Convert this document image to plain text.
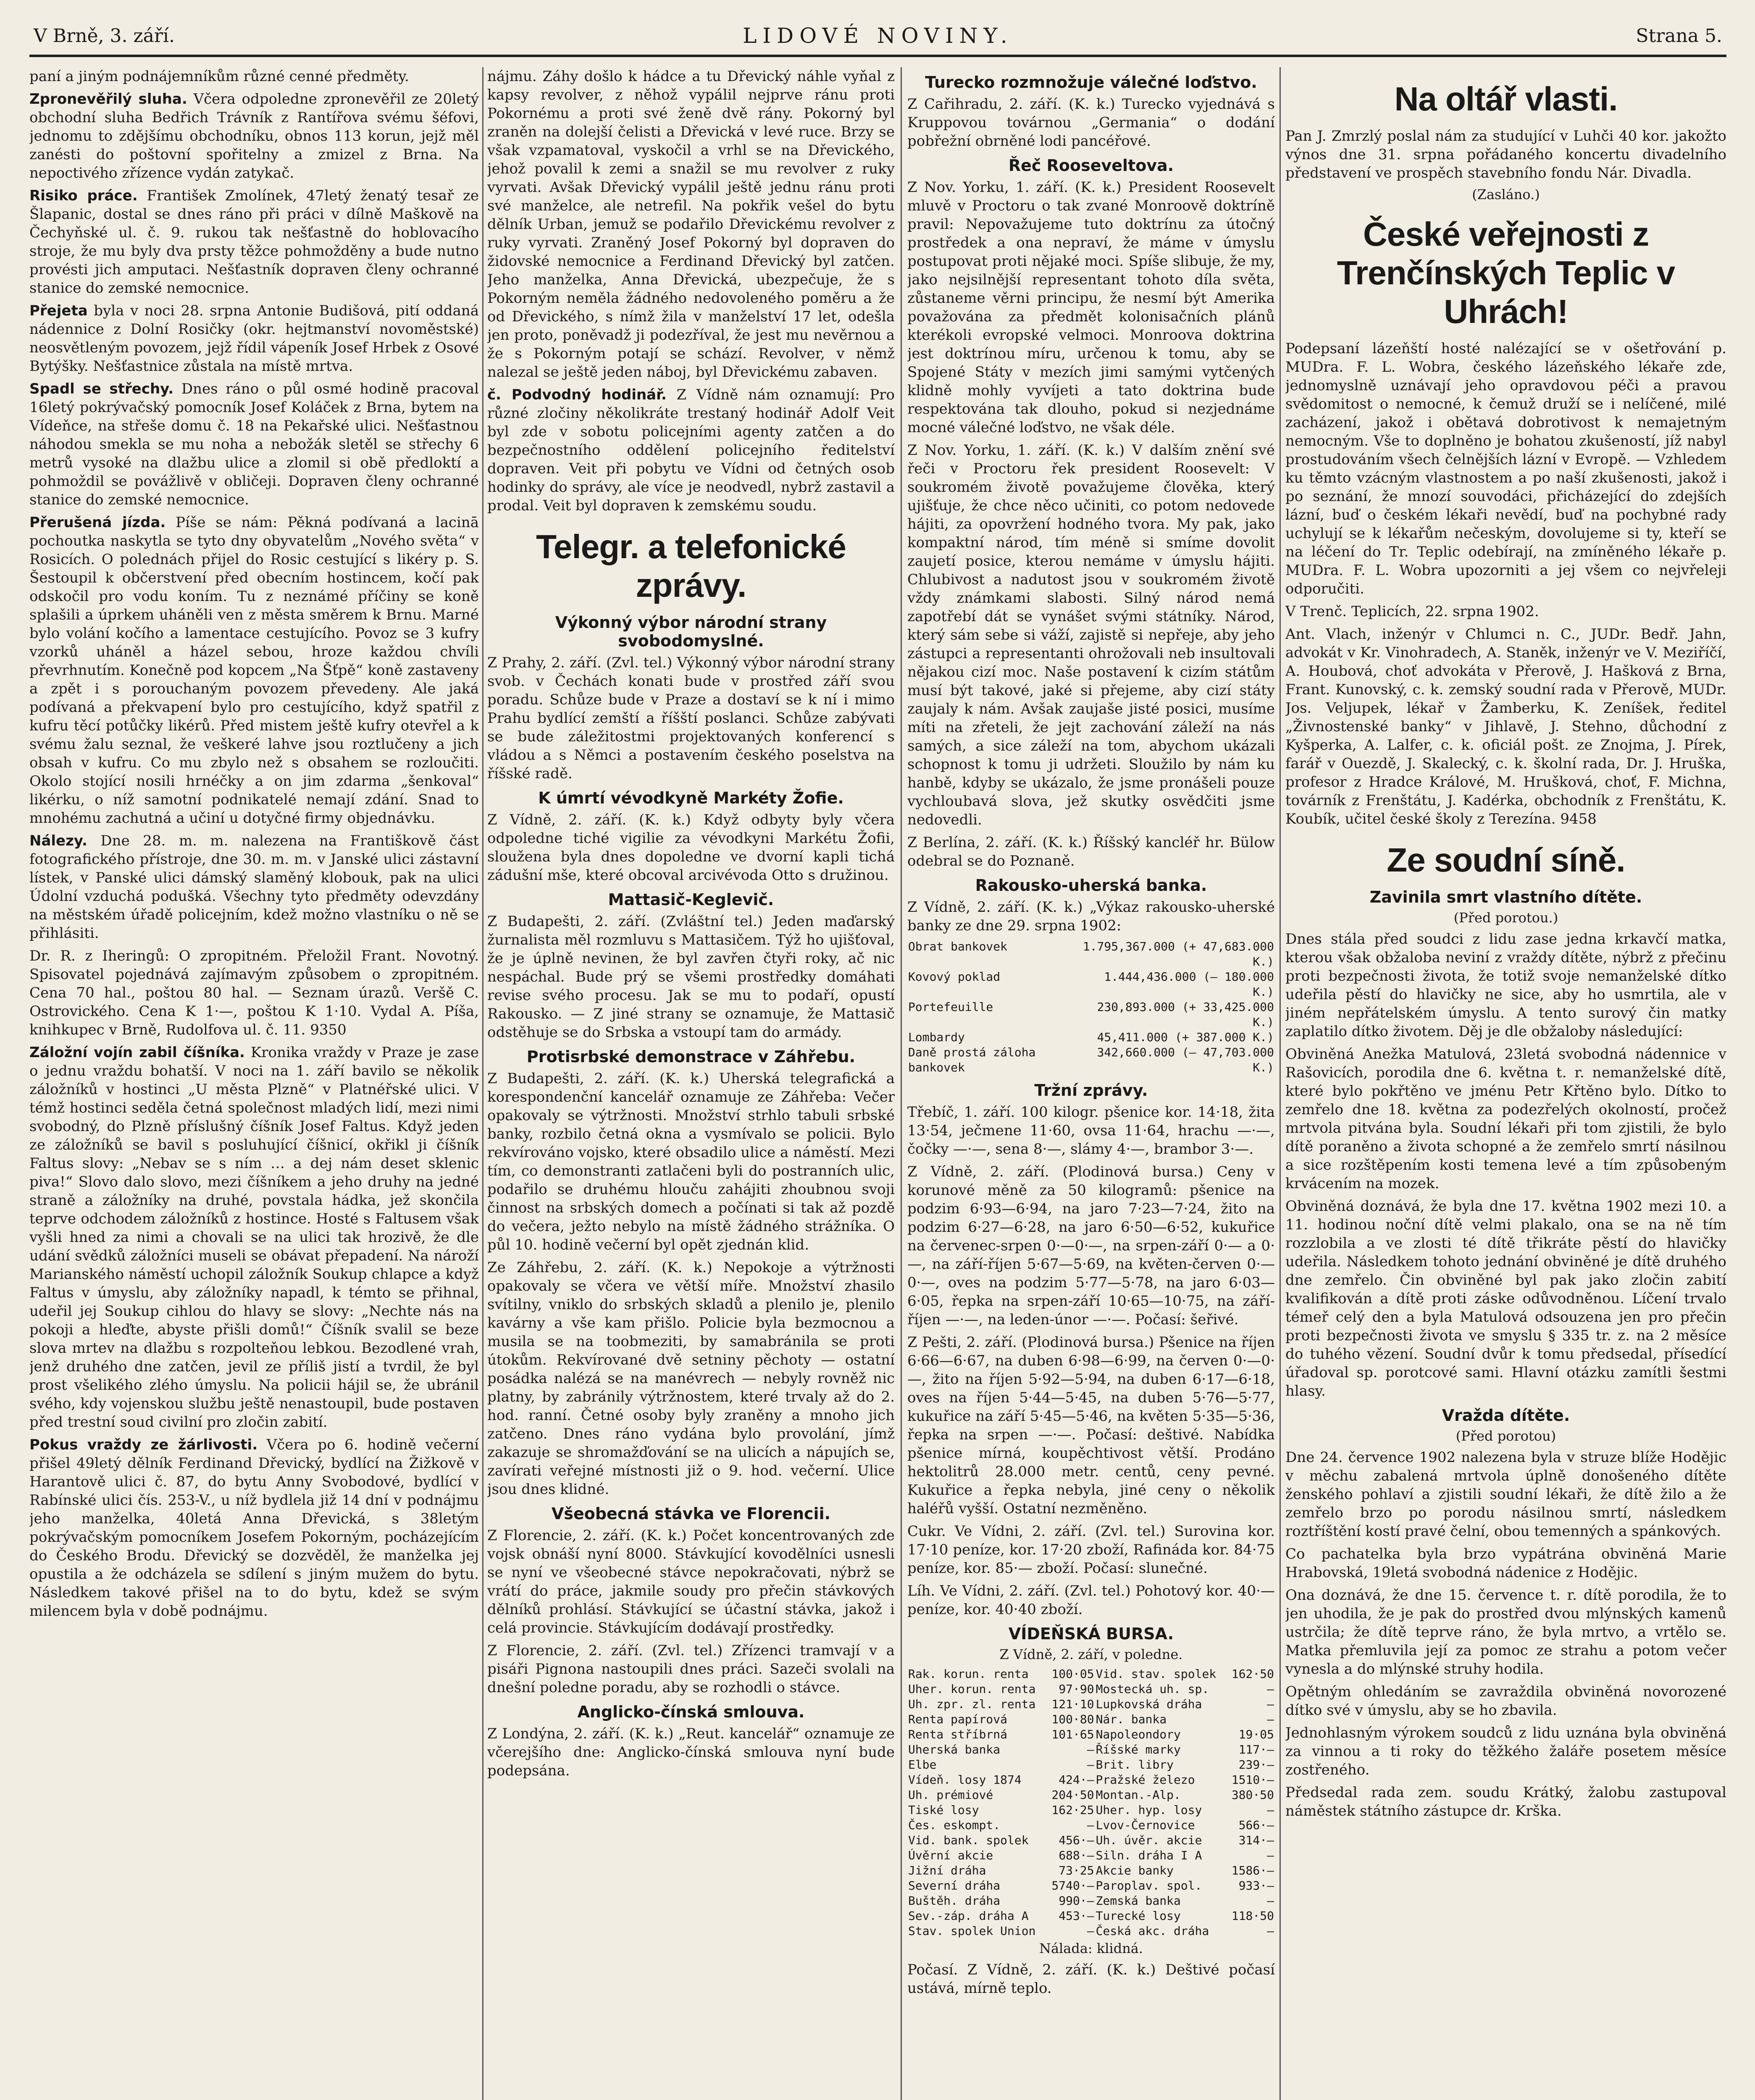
V Brně, 3. září.	LIDOVÉ NOVINY.	Strana 5.

paní a jiným podnájemníkům různé cenné předměty.

Zpronevěřilý sluha. Včera odpoledne zpronevěřil ze 20letý obchodní sluha Bedřich Trávník z Rantířova svému šéfovi, jednomu to zdějšímu obchodníku, obnos 113 korun, jejž měl zanésti do poštovní spořitelny a zmizel z Brna. Na nepoctivého zřízence vydán zatykač.

Risiko práce. František Zmolínek, 47letý ženatý tesař ze Šlapanic, dostal se dnes ráno při práci v dílně Maškově na Čechyňské ul. č. 9. rukou tak nešťastně do hoblovacího stroje, že mu byly dva prsty těžce pohmožděny a bude nutno provésti jich amputaci. Nešťastník dopraven členy ochranné stanice do zemské nemocnice.

Přejeta byla v noci 28. srpna Antonie Budišová, pití oddaná nádennice z Dolní Rosičky (okr. hejtmanství novoměstské) neosvětleným povozem, jejž řídil vápeník Josef Hrbek z Osové Bytýšky. Nešťastnice zůstala na místě mrtva.

Spadl se střechy. Dnes ráno o půl osmé hodině pracoval 16letý pokrývačský pomocník Josef Koláček z Brna, bytem na Vídeňce, na střeše domu č. 18 na Pekařské ulici. Nešťastnou náhodou smekla se mu noha a nebožák sletěl se střechy 6 metrů vysoké na dlažbu ulice a zlomil si obě předloktí a pohmoždil se povážlivě v obličeji. Dopraven členy ochranné stanice do zemské nemocnice.

Přerušená jízda. Píše se nám: Pěkná podívaná a lacinā pochoutka naskytla se tyto dny obyvatelům „Nového světa“ v Rosicích. O polednách přijel do Rosic cestující s likéry p. S. Šestoupil k občerstvení před obecním hostincem, kočí pak odskočil pro vodu koním. Tu z neznámé příčiny se koně splašili a úprkem uháněli ven z města směrem k Brnu. Marné bylo volání kočího a lamentace cestujícího. Povoz se 3 kufry vzorků uháněl a házel sebou, hroze každou chvíli převrhnutím. Konečně pod kopcem „Na Šťpě“ koně zastaveny a zpět i s porouchaným povozem převedeny. Ale jaká podívaná a překvapení bylo pro cestujícího, když spatřil z kufru těcí potůčky likérů. Před mistem ještě kufry otevřel a k svému žalu seznal, že veškeré lahve jsou roztlučeny a jich obsah v kufru. Co mu zbylo než s obsahem se rozloučiti. Okolo stojící nosili hrnéčky a on jim zdarma „šenkoval“ likérku, o níž samotní podnikatelé nemají zdání. Snad to mnohému zachutná a učiní u dotyčné firmy objednávku.

Nálezy. Dne 28. m. m. nalezena na Františkově část fotografického přístroje, dne 30. m. m. v Janské ulici zástavní lístek, v Panské ulici dámský slaměný klobouk, pak na ulici Údolní vzduchá podušká. Všechny tyto předměty odevzdány na městském úřadě policejním, kdež možno vlastníku o ně se přihlásiti.

Dr. R. z Iheringů: O zpropitném. Přeložil Frant. Novotný. Spisovatel pojednává zajímavým způsobem o zpropitném. Cena 70 hal., poštou 80 hal. — Seznam úrazů. Veršě C. Ostrovického. Cena K 1·—, poštou K 1·10. Vydal A. Píša, knihkupec v Brně, Rudolfova ul. č. 11. 9350

Záložní vojín zabil číšníka. Kronika vraždy v Praze je zase o jednu vraždu bohatší. V noci na 1. září bavilo se několik záložníků v hostinci „U města Plzně“ v Platnéřské ulici. V témž hostinci seděla četná společnost mladých lidí, mezi nimi svobodný, do Plzně příslušný číšník Josef Faltus. Když jeden ze záložníků se bavil s posluhující číšnicí, okřikl ji číšník Faltus slovy: „Nebav se s ním … a dej nám deset sklenic piva!“ Slovo dalo slovo, mezi číšníkem a jeho druhy na jedné straně a záložníky na druhé, povstala hádka, jež skončila teprve odchodem záložníků z hostince. Hosté s Faltusem však vyšli hned za nimi a chovali se na ulici tak hrozivě, že dle udání svědků záložníci museli se obávat přepadení. Na nároží Marianského náměstí uchopil záložník Soukup chlapce a když Faltus v úmyslu, aby záložníky napadl, k témto se přihnal, udeřil jej Soukup cihlou do hlavy se slovy: „Nechte nás na pokoji a hleďte, abyste přišli domů!“ Číšník svalil se beze slova mrtev na dlažbu s rozpolteňou lebkou. Bezodlené vrah, jenž druhého dne zatčen, jevil ze příliš jistí a tvrdil, že byl prost všelikého zlého úmyslu. Na policii hájil se, že ubránil svého, kdy vojenskou službu ještě nenastoupil, bude postaven před trestní soud civilní pro zločin zabití.

Pokus vraždy ze žárlivosti. Včera po 6. hodině večerní přišel 49letý dělník Ferdinand Dřevický, bydlící na Žižkově v Harantově ulici č. 87, do bytu Anny Svobodové, bydlící v Rabínské ulici čís. 253-V., u níž bydlela již 14 dní v podnájmu jeho manželka, 40letá Anna Dřevická, s 38letým pokrývačským pomocníkem Josefem Pokorným, pocházejícím do Českého Brodu. Dřevický se dozvěděl, že manželka jej opustila a že odcházela se sdílení s jiným mužem do bytu. Následkem takové přišel na to do bytu, kdež se svým milencem byla v době podnájmu.

nájmu. Záhy došlo k hádce a tu Dřevický náhle vyňal z kapsy revolver, z něhož vypálil nejprve ránu proti Pokornému a proti své ženě dvě rány. Pokorný byl zraněn na dolejší čelisti a Dřevická v levé ruce. Brzy se však vzpamatoval, vyskočil a vrhl se na Dřevického, jehož povalil k zemi a snažil se mu revolver z ruky vyrvati. Avšak Dřevický vypálil ještě jednu ránu proti své manželce, ale netrefil. Na pokřik vešel do bytu dělník Urban, jemuž se podařilo Dřevickému revolver z ruky vyrvati. Zraněný Josef Pokorný byl dopraven do židovské nemocnice a Ferdinand Dřevický byl zatčen. Jeho manželka, Anna Dřevická, ubezpečuje, že s Pokorným neměla žádného nedovoleného poměru a že od Dřevického, s nímž žila v manželství 17 let, odešla jen proto, poněvadž ji podezříval, že jest mu nevěrnou a že s Pokorným potají se schází. Revolver, v němž nalezal se ještě jeden náboj, byl Dřevickému zabaven.

č. Podvodný hodinář. Z Vídně nám oznamují: Pro různé zločiny několikráte trestaný hodinář Adolf Veit byl zde v sobotu policejními agenty zatčen a do bezpečnostního oddělení policejního ředitelství dopraven. Veit při pobytu ve Vídni od četných osob hodinky do správy, ale více je neodvedl, nybrž zastavil a prodal. Veit byl dopraven k zemskému soudu.

Telegr. a telefonické zprávy.
Výkonný výbor národní strany svobodomyslné.

Z Prahy, 2. září. (Zvl. tel.) Výkonný výbor národní strany svob. v Čechách konati bude v prostřed září svou poradu. Schůze bude v Praze a dostaví se k ní i mimo Prahu bydlící zemští a říšští poslanci. Schůze zabývati se bude záležitostmi projektovaných konferencí s vládou a s Němci a postavením českého poselstva na říšské radě.

K úmrtí vévodkyně Markéty Žofie.

Z Vídně, 2. září. (K. k.) Když odbyty byly včera odpoledne tiché vigilie za vévodkyni Markétu Žofii, sloužena byla dnes dopoledne ve dvorní kapli tichá zádušní mše, které obcoval arcivévoda Otto s družinou.

Mattasič-Keglevič.

Z Budapešti, 2. září. (Zvláštní tel.) Jeden maďarský žurnalista měl rozmluvu s Mattasičem. Týž ho ujišťoval, že je úplně nevinen, že byl zavřen čtyři roky, ač nic nespáchal. Bude prý se všemi prostředky domáhati revise svého procesu. Jak se mu to podaří, opustí Rakousko. — Z jiné strany se oznamuje, že Mattasič odstěhuje se do Srbska a vstoupí tam do armády.

Protisrbské demonstrace v Záhřebu.

Z Budapešti, 2. září. (K. k.) Uherská telegrafická a korespondenční kancelář oznamuje ze Záhřeba: Večer opakovaly se výtržnosti. Množství strhlo tabuli srbské banky, rozbilo četná okna a vysmívalo se policii. Bylo rekvírováno vojsko, které obsadilo ulice a náměstí. Mezi tím, co demonstranti zatlačeni byli do postranních ulic, podařilo se druhému hlouču zahájiti zhoubnou svoji činnost na srbských domech a počínati si tak až pozdě do večera, ježto nebylo na místě žádného strážníka. O půl 10. hodině večerní byl opět zjednán klid.

Ze Záhřebu, 2. září. (K. k.) Nepokoje a výtržnosti opakovaly se včera ve větší míře. Množství zhasilo svítilny, vniklo do srbských skladů a plenilo je, plenilo kavárny a vše kam přišlo. Policie byla bezmocnou a musila se na toobmeziti, by samabránila se proti útokům. Rekvírované dvě setniny pěchoty — ostatní posádka nalézá se na manévrech — nebyly rovněž nic platny, by zabránily výtržnostem, které trvaly až do 2. hod. ranní. Četné osoby byly zraněny a mnoho jich zatčeno. Dnes ráno vydána bylo provolání, jímž zakazuje se shromažďování se na ulicích a nápujích se, zavírati veřejné místnosti již o 9. hod. večerní. Ulice jsou dnes klidné.

Všeobecná stávka ve Florencii.

Z Florencie, 2. září. (K. k.) Počet koncentrovaných zde vojsk obnáší nyní 8000. Stávkující kovodělníci usnesli se nyní ve všeobecné stávce nepokračovati, nýbrž se vrátí do práce, jakmile soudy pro přečin stávkových dělníků prohlásí. Stávkující se účastní stávka, jakož i celá provincie. Stávkujícím dodávají prostředky.

Z Florencie, 2. září. (Zvl. tel.) Zřízenci tramvají v a pisáři Pignona nastoupili dnes práci. Sazeči svolali na dnešní poledne poradu, aby se rozhodli o stávce.

Anglicko-čínská smlouva.

Z Londýna, 2. září. (K. k.) „Reut. kancelář“ oznamuje ze včerejšího dne: Anglicko-čínská smlouva nyní bude podepsána.

Turecko rozmnožuje válečné loďstvo.

Z Cařihradu, 2. září. (K. k.) Turecko vyjednává s Kruppovou továrnou „Germania“ o dodání pobřežní obrněné lodi pancéřové.

Řeč Rooseveltova.

Z Nov. Yorku, 1. září. (K. k.) President Roosevelt mluvě v Proctoru o tak zvané Monroově doktríně pravil: Nepovažujeme tuto doktrínu za útočný prostředek a ona nepraví, že máme v úmyslu postupovat proti nějaké moci. Spíše slibuje, že my, jako nejsilnější representant tohoto díla světa, zůstaneme věrni principu, že nesmí být Amerika považována za předmět kolonisačních plánů kterékoli evropské velmoci. Monroova doktrina jest doktrínou míru, určenou k tomu, aby se Spojené Státy v mezích jimi samými vytčených klidně mohly vyvíjeti a tato doktrina bude respektována tak dlouho, pokud si nezjednáme mocné válečné loďstvo, ne však déle.

Z Nov. Yorku, 1. září. (K. k.) V dalším znění své řeči v Proctoru řek president Roosevelt: V soukromém životě považujeme člověka, který ujišťuje, že chce něco učiniti, co potom nedovede hájiti, za opovržení hodného tvora. My pak, jako kompaktní národ, tím méně si smíme dovolit zaujetí posice, kterou nemáme v úmyslu hájiti. Chlubivost a nadutost jsou v soukromém životě vždy známkami slabosti. Silný národ nemá zapotřebí dát se vynášet svými státníky. Národ, který sám sebe si váží, zajistě si nepřeje, aby jeho zástupci a representanti ohrožovali neb insultovali nějakou cizí moc. Naše postavení k cizím státům musí být takové, jaké si přejeme, aby cizí státy zaujaly k nám. Avšak zaujaše jisté posici, musíme míti na zřeteli, že jejt zachování záleží na nás samých, a sice záleží na tom, abychom ukázali schopnost k tomu ji udržeti. Sloužilo by nám ku hanbě, kdyby se ukázalo, že jsme pronášeli pouze vychloubavá slova, jež skutky osvědčiti jsme nedovedli.

Z Berlína, 2. září. (K. k.) Říšský kancléř hr. Bülow odebral se do Poznaně.

Rakousko-uherská banka.

Z Vídně, 2. září. (K. k.) „Výkaz rakousko-uherské banky ze dne 29. srpna 1902:

Obrat bankovek	1.795,367.000 (+ 47,683.000 K.)
Kovový poklad	1.444,436.000 (— 180.000 K.)
Portefeuille	230,893.000 (+ 33,425.000 K.)
Lombardy	45,411.000 (+ 387.000 K.)
Daně prostá záloha bankovek	342,660.000 (— 47,703.000 K.)
Tržní zprávy.

Třebíč, 1. září. 100 kilogr. pšenice kor. 14·18, žita 13·54, ječmene 11·60, ovsa 11·64, hrachu —·—, čočky —·—, sena 8·—, slámy 4·—, brambor 3·—.

Z Vídně, 2. září. (Plodinová bursa.) Ceny v korunové měně za 50 kilogramů: pšenice na podzim 6·93—6·94, na jaro 7·23—7·24, žito na podzim 6·27—6·28, na jaro 6·50—6·52, kukuřice na červenec-srpen 0·—0·—, na srpen-září 0·— a 0·—, na září-říjen 5·67—5·69, na květen-červen 0·—0·—, oves na podzim 5·77—5·78, na jaro 6·03—6·05, řepka na srpen-září 10·65—10·75, na září-říjen —·—, na leden-únor —·—. Počasí: šeřivé.

Z Pešti, 2. září. (Plodinová bursa.) Pšenice na říjen 6·66—6·67, na duben 6·98—6·99, na červen 0·—0·—, žito na říjen 5·92—5·94, na duben 6·17—6·18, oves na říjen 5·44—5·45, na duben 5·76—5·77, kukuřice na září 5·45—5·46, na květen 5·35—5·36, řepka na srpen —·—. Počasí: deštivé. Nabídka pšenice mírná, koupěchtivost větší. Prodáno hektolitrů 28.000 metr. centů, ceny pevné. Kukuřice a řepka nebyla, jiné ceny o několik haléřů vyšší. Ostatní nezměněno.

Cukr. Ve Vídni, 2. září. (Zvl. tel.) Surovina kor. 17·10 peníze, kor. 17·20 zboží, Rafináda kor. 84·75 peníze, kor. 85·— zboží. Počasí: slunečné.

Líh. Ve Vídni, 2. září. (Zvl. tel.) Pohotový kor. 40·— peníze, kor. 40·40 zboží.

VÍDEŇSKÁ BURSA.
Z Vídně, 2. září, v poledne.
Rak. korun. renta	100·05	Vid. stav. spolek	162·50
Uher. korun. renta	97·90	Mostecká uh. sp.	—
Uh. zpr. zl. renta	121·10	Lupkovská dráha	—
Renta papírová	100·80	Nár. banka	—
Renta stříbrná	101·65	Napoleondory	19·05
Uherská banka	—	Říšské marky	117·—
Elbe	—	Brit. libry	239·—
Vídeň. losy 1874	424·—	Pražské železo	1510·—
Uh. prémiové	204·50	Montan.-Alp.	380·50
Tiské losy	162·25	Uher. hyp. losy	—
Čes. eskompt.	—	Lvov-Černovice	566·—
Vid. bank. spolek	456·—	Uh. úvěr. akcie	314·—
Úvěrní akcie	688·—	Siln. dráha I A	—
Jižní dráha	73·25	Akcie banky	1586·—
Severní dráha	5740·—	Paroplav. spol.	933·—
Buštěh. dráha	990·—	Zemská banka	—
Sev.-záp. dráha A	453·—	Turecké losy	118·50
Stav. spolek Union	—	Česká akc. dráha	—
Nálada: klidná.

Počasí. Z Vídně, 2. září. (K. k.) Deštivé počasí ustává, mírně teplo.

Na oltář vlasti.

Pan J. Zmrzlý poslal nám za studující v Luhči 40 kor. jakožto výnos dne 31. srpna pořádaného koncertu divadelního představení ve prospěch stavebního fondu Nár. Divadla.

(Zasláno.)
České veřejnosti z Trenčínských Teplic v Uhrách!

Podepsaní lázeňští hosté nalézající se v ošetřování p. MUDra. F. L. Wobra, českého lázeňského lékaře zde, jednomyslně uznávají jeho opravdovou péči a pravou svědomitost o nemocné, k čemuž druží se i nelíčené, milé zacházení, jakož i obětavá dobrotivost k nemajetným nemocným. Vše to doplněno je bohatou zkušeností, jíž nabyl prostudováním všech čelnějších lázní v Evropě. — Vzhledem ku těmto vzácným vlastnostem a po naší zkušenosti, jakož i po seznání, že mnozí souvodáci, přicházející do zdejších lázní, buď o českém lékaři nevědí, buď na pochybné rady uchylují se k lékařům nečeským, dovolujeme si ty, kteří se na léčení do Tr. Teplic odebírají, na zmíněného lékaře p. MUDra. F. L. Wobra upozorniti a jej všem co nejvřeleji odporučiti.

V Trenč. Teplicích, 22. srpna 1902.

Ant. Vlach, inženýr v Chlumci n. C., JUDr. Bedř. Jahn, advokát v Kr. Vinohradech, A. Staněk, inženýr ve V. Meziříčí, A. Houbová, choť advokáta v Přerově, J. Hašková z Brna, Frant. Kunovský, c. k. zemský soudní rada v Přerově, MUDr. Jos. Veljupek, lékař v Žamberku, K. Zeníšek, ředitel „Živnostenské banky“ v Jihlavě, J. Stehno, důchodní z Kyšperka, A. Lalfer, c. k. oficiál pošt. ze Znojma, J. Pírek, farář v Ouezdě, J. Skalecký, c. k. školní rada, Dr. J. Hruška, profesor z Hradce Králové, M. Hrušková, choť, F. Michna, továrník z Frenštátu, J. Kadérka, obchodník z Frenštátu, K. Koubík, učitel české školy z Terezína. 9458

Ze soudní síně.
Zavinila smrt vlastního dítěte.
(Před porotou.)

Dnes stála před soudci z lidu zase jedna krkavčí matka, kterou však obžaloba neviní z vraždy dítěte, nýbrž z přečinu proti bezpečnosti života, že totiž svoje nemanželské dítko udeřila pěstí do hlavičky ne sice, aby ho usmrtila, ale v jiném nepřátelském úmyslu. A tento surový čin matky zaplatilo dítko životem. Děj je dle obžaloby následující:

Obviněná Anežka Matulová, 23letá svobodná nádennice v Rašovicích, porodila dne 6. května t. r. nemanželské dítě, které bylo pokřtěno ve jménu Petr Křtěno bylo. Dítko to zemřelo dne 18. května za podezřelých okolností, pročež mrtvola pitvána byla. Soudní lékaři při tom zjistili, že bylo dítě poraněno a života schopné a že zemřelo smrtí násilnou a sice rozštěpením kosti temena levé a tím způsobeným krvácením na mozek.

Obviněná doznává, že byla dne 17. května 1902 mezi 10. a 11. hodinou noční dítě velmi plakalo, ona se na ně tím rozzlobila a ve zlosti té dítě třikráte pěstí do hlavičky udeřila. Následkem tohoto jednání obviněné je dítě druhého dne zemřelo. Čin obviněné byl pak jako zločin zabití kvalifikován a dítě proti záske odůvodněnou. Líčení trvalo témeř celý den a byla Matulová odsouzena jen pro přečin proti bezpečnosti života ve smyslu § 335 tr. z. na 2 měsíce do tuhého vězení. Soudní dvůr k tomu předsedal, přísedící úřadoval sp. porotcové sami. Hlavní otázku zamítli šestmi hlasy.

Vražda dítěte.
(Před porotou)

Dne 24. července 1902 nalezena byla v struze blíže Hodějic v měchu zabalená mrtvola úplně donošeného dítěte ženského pohlaví a zjistili soudní lékaři, že dítě žilo a že zemřelo brzo po porodu násilnou smrtí, následkem roztříštění kostí pravé čelní, obou temenných a spánkových.

Co pachatelka byla brzo vypátrána obviněná Marie Hrabovská, 19letá svobodná nádenice z Hodějic.

Ona doznává, že dne 15. července t. r. dítě porodila, že to jen uhodila, že je pak do prostřed dvou mlýnských kamenů ustrčila; že dítě teprve ráno, že byla mrtvo, a vrtělo se. Matka přemluvila její za pomoc ze strahu a potom večer vynesla a do mlýnské struhy hodila.

Opětným ohledáním se zavraždila obviněná novorozené dítko své v úmyslu, aby se ho zbavila.

Jednohlasným výrokem soudců z lidu uznána byla obviněná za vinnou a ti roky do těžkého žaláře posetem měsíce zostřeného.

Předsedal rada zem. soudu Krátký, žalobu zastupoval náměstek státního zástupce dr. Krška.
